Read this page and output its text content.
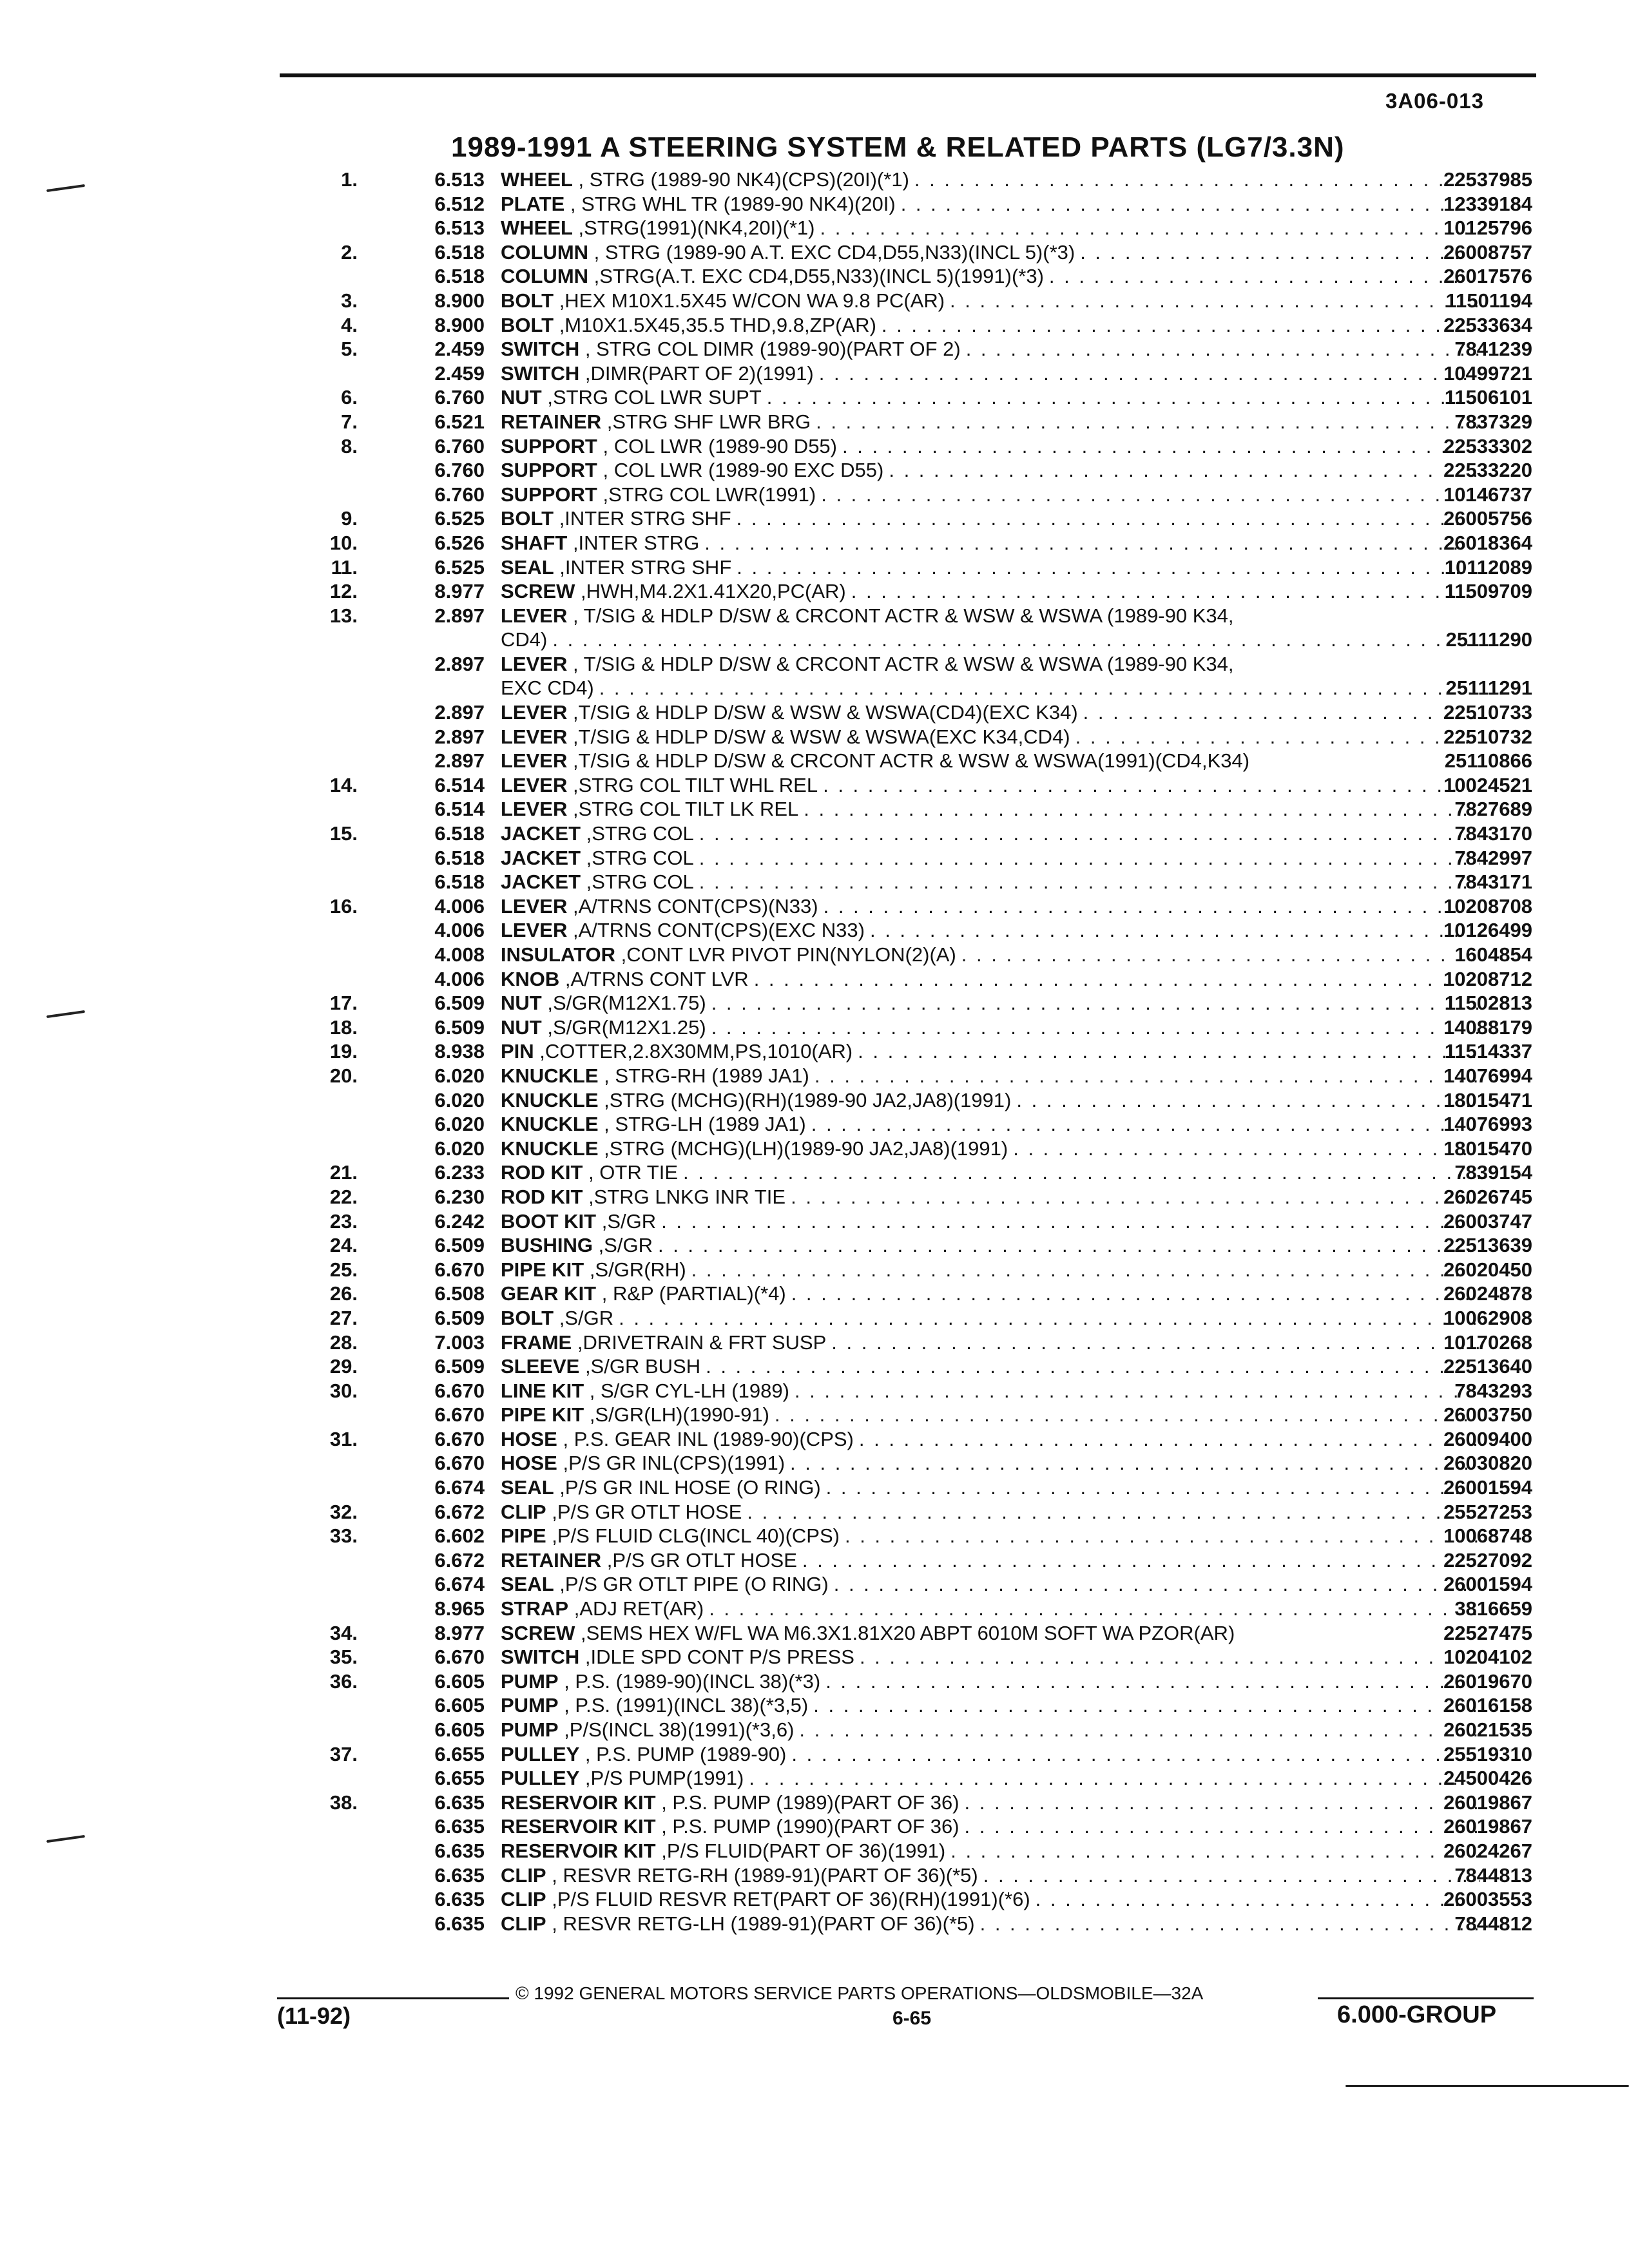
3A06-013
1989-1991 A STEERING SYSTEM & RELATED PARTS (LG7/3.3N)
1.	6.513 WHEEL , STRG (1989-90 NK4)(CPS)(20I)(*1) . . .	22537985
6.512 PLATE , STRG WHL TR (1989-90 NK4)(20I) . . .	12339184
6.513 WHEEL ,STRG(1991)(NK4,20I)(*1) . . .	10125796
2.	6.518 COLUMN , STRG (1989-90 A.T. EXC CD4,D55,N33)(INCL 5)(*3) . . .	26008757
6.518 COLUMN ,STRG(A.T. EXC CD4,D55,N33)(INCL 5)(1991)(*3) . . .	26017576
3.	8.900 BOLT ,HEX M10X1.5X45 W/CON WA 9.8 PC(AR) . . .	11501194
4.	8.900 BOLT ,M10X1.5X45,35.5 THD,9.8,ZP(AR) . . .	22533634
5.	2.459 SWITCH , STRG COL DIMR (1989-90)(PART OF 2) . . .	7841239
2.459 SWITCH ,DIMR(PART OF 2)(1991) . . .	10499721
6.	6.760 NUT ,STRG COL LWR SUPT . . .	11506101
7.	6.521 RETAINER ,STRG SHF LWR BRG . . .	7837329
8.	6.760 SUPPORT , COL LWR (1989-90 D55) . . .	22533302
6.760 SUPPORT , COL LWR (1989-90 EXC D55) . . .	22533220
6.760 SUPPORT ,STRG COL LWR(1991) . . .	10146737
9.	6.525 BOLT ,INTER STRG SHF . . .	26005756
10.	6.526 SHAFT ,INTER STRG . . .	26018364
11.	6.525 SEAL ,INTER STRG SHF . . .	10112089
12.	8.977 SCREW ,HWH,M4.2X1.41X20,PC(AR) . . .	11509709
13.	2.897 LEVER , T/SIG & HDLP D/SW & CRCONT ACTR & WSW & WSWA (1989-90 K34,
CD4) . . .	25111290
2.897 LEVER , T/SIG & HDLP D/SW & CRCONT ACTR & WSW & WSWA (1989-90 K34,
EXC CD4) . . .	25111291
2.897 LEVER ,T/SIG & HDLP D/SW & WSW & WSWA(CD4)(EXC K34) . . .	22510733
2.897 LEVER ,T/SIG & HDLP D/SW & WSW & WSWA(EXC K34,CD4) . . .	22510732
2.897 LEVER ,T/SIG & HDLP D/SW & CRCONT ACTR & WSW & WSWA(1991)(CD4,K34)	25110866
14.	6.514 LEVER ,STRG COL TILT WHL REL . . .	10024521
6.514 LEVER ,STRG COL TILT LK REL . . .	7827689
15.	6.518 JACKET ,STRG COL . . .	7843170
6.518 JACKET ,STRG COL . . .	7842997
6.518 JACKET ,STRG COL . . .	7843171
16.	4.006 LEVER ,A/TRNS CONT(CPS)(N33) . . .	10208708
4.006 LEVER ,A/TRNS CONT(CPS)(EXC N33) . . .	10126499
4.008 INSULATOR ,CONT LVR PIVOT PIN(NYLON(2)(A) . . .	1604854
4.006 KNOB ,A/TRNS CONT LVR . . .	10208712
17.	6.509 NUT ,S/GR(M12X1.75) . . .	11502813
18.	6.509 NUT ,S/GR(M12X1.25) . . .	14088179
19.	8.938 PIN ,COTTER,2.8X30MM,PS,1010(AR) . . .	11514337
20.	6.020 KNUCKLE , STRG-RH (1989 JA1) . . .	14076994
6.020 KNUCKLE ,STRG (MCHG)(RH)(1989-90 JA2,JA8)(1991) . . .	18015471
6.020 KNUCKLE , STRG-LH (1989 JA1) . . .	14076993
6.020 KNUCKLE ,STRG (MCHG)(LH)(1989-90 JA2,JA8)(1991) . . .	18015470
21.	6.233 ROD KIT , OTR TIE . . .	7839154
22.	6.230 ROD KIT ,STRG LNKG INR TIE . . .	26026745
23.	6.242 BOOT KIT ,S/GR . . .	26003747
24.	6.509 BUSHING ,S/GR . . .	22513639
25.	6.670 PIPE KIT ,S/GR(RH) . . .	26020450
26.	6.508 GEAR KIT , R&P (PARTIAL)(*4) . . .	26024878
27.	6.509 BOLT ,S/GR . . .	10062908
28.	7.003 FRAME ,DRIVETRAIN & FRT SUSP . . .	10170268
29.	6.509 SLEEVE ,S/GR BUSH . . .	22513640
30.	6.670 LINE KIT , S/GR CYL-LH (1989) . . .	7843293
6.670 PIPE KIT ,S/GR(LH)(1990-91) . . .	26003750
31.	6.670 HOSE , P.S. GEAR INL (1989-90)(CPS) . . .	26009400
6.670 HOSE ,P/S GR INL(CPS)(1991) . . .	26030820
6.674 SEAL ,P/S GR INL HOSE (O RING) . . .	26001594
32.	6.672 CLIP ,P/S GR OTLT HOSE . . .	25527253
33.	6.602 PIPE ,P/S FLUID CLG(INCL 40)(CPS) . . .	10068748
6.672 RETAINER ,P/S GR OTLT HOSE . . .	22527092
6.674 SEAL ,P/S GR OTLT PIPE (O RING) . . .	26001594
8.965 STRAP ,ADJ RET(AR) . . .	3816659
34.	8.977 SCREW ,SEMS HEX W/FL WA M6.3X1.81X20 ABPT 6010M SOFT WA PZOR(AR)	22527475
35.	6.670 SWITCH ,IDLE SPD CONT P/S PRESS . . .	10204102
36.	6.605 PUMP , P.S. (1989-90)(INCL 38)(*3) . . .	26019670
6.605 PUMP , P.S. (1991)(INCL 38)(*3,5) . . .	26016158
6.605 PUMP ,P/S(INCL 38)(1991)(*3,6) . . .	26021535
37.	6.655 PULLEY , P.S. PUMP (1989-90) . . .	25519310
6.655 PULLEY ,P/S PUMP(1991) . . .	24500426
38.	6.635 RESERVOIR KIT , P.S. PUMP (1989)(PART OF 36) . . .	26019867
6.635 RESERVOIR KIT , P.S. PUMP (1990)(PART OF 36) . . .	26019867
6.635 RESERVOIR KIT ,P/S FLUID(PART OF 36)(1991) . . .	26024267
6.635 CLIP , RESVR RETG-RH (1989-91)(PART OF 36)(*5) . . .	7844813
6.635 CLIP ,P/S FLUID RESVR RET(PART OF 36)(RH)(1991)(*6) . . .	26003553
6.635 CLIP , RESVR RETG-LH (1989-91)(PART OF 36)(*5) . . .	7844812
© 1992 GENERAL MOTORS SERVICE PARTS OPERATIONS—OLDSMOBILE—32A
(11-92)	6-65	6.000-GROUP
